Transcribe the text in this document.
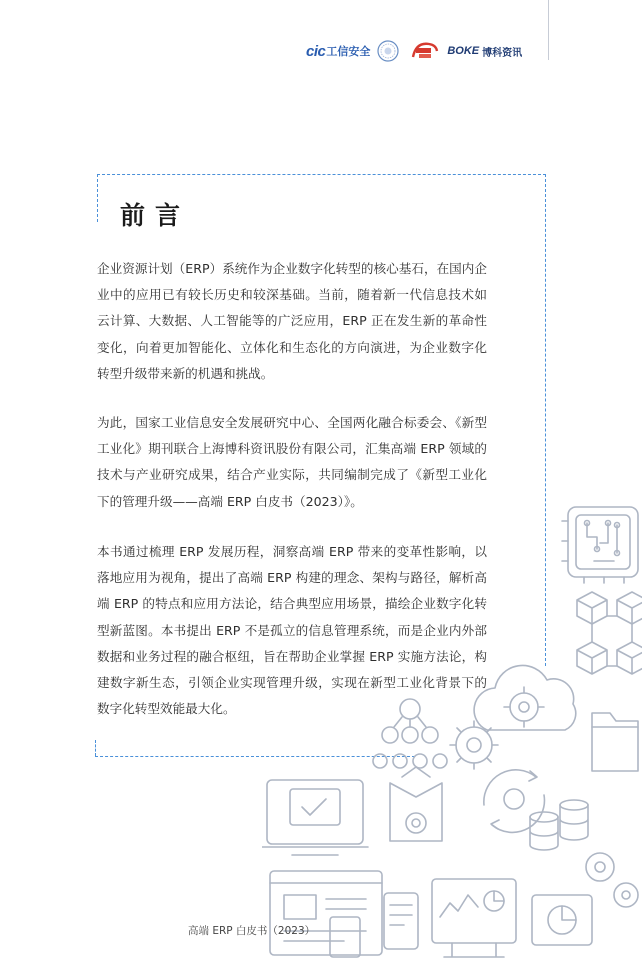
cic 工信安全	BOKE 博科资讯
前言

企业资源计划（ERP）系统作为企业数字化转型的核心基石，在国内企业中的应用已有较长历史和较深基础。当前，随着新一代信息技术如云计算、大数据、人工智能等的广泛应用，ERP 正在发生新的革命性变化，向着更加智能化、立体化和生态化的方向演进，为企业数字化转型升级带来新的机遇和挑战。

为此，国家工业信息安全发展研究中心、全国两化融合标委会、《新型工业化》期刊联合上海博科资讯股份有限公司，汇集高端 ERP 领域的技术与产业研究成果，结合产业实际，共同编制完成了《新型工业化下的管理升级——高端 ERP 白皮书（2023）》。

本书通过梳理 ERP 发展历程，洞察高端 ERP 带来的变革性影响，以落地应用为视角，提出了高端 ERP 构建的理念、架构与路径，解析高端 ERP 的特点和应用方法论，结合典型应用场景，描绘企业数字化转型新蓝图。本书提出 ERP 不是孤立的信息管理系统，而是企业内外部数据和业务过程的融合枢纽，旨在帮助企业掌握 ERP 实施方法论，构建数字新生态，引领企业实现管理升级，实现在新型工业化背景下的数字化转型效能最大化。

高端 ERP 白皮书（2023）
